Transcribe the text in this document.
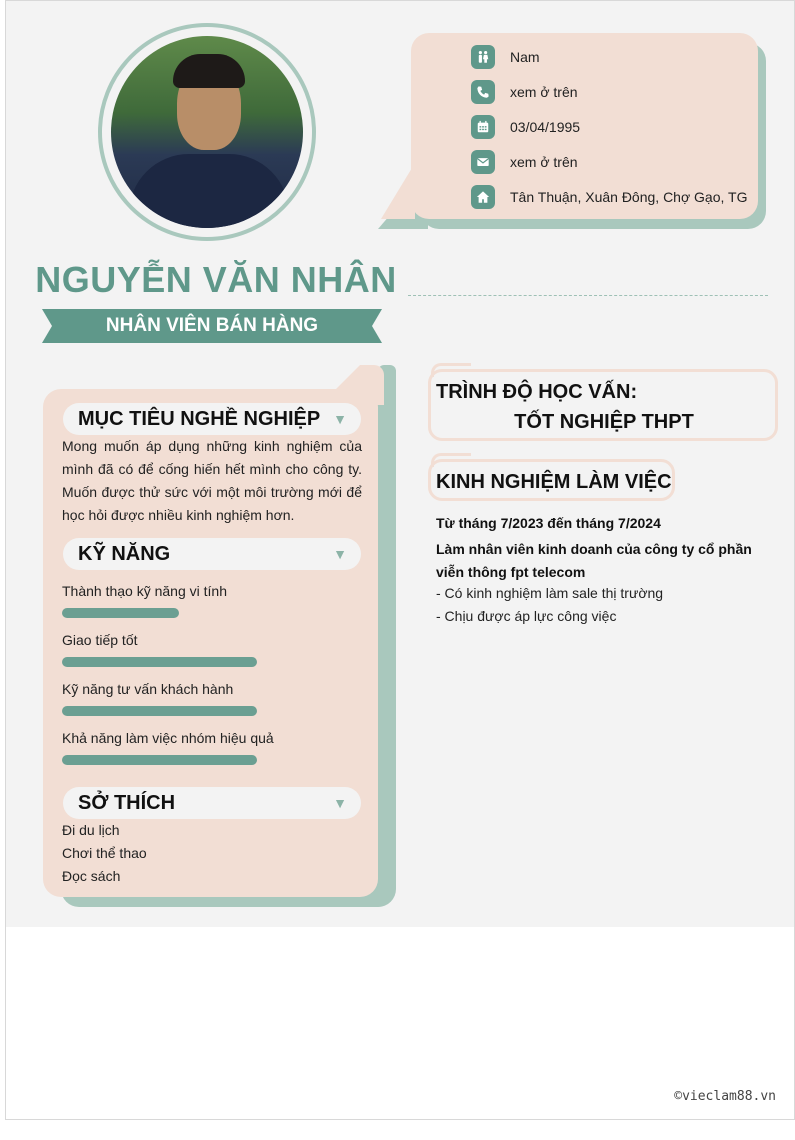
Nam
xem ở trên
03/04/1995
xem ở trên
Tân Thuận, Xuân Đông, Chợ Gạo, TG
NGUYỄN VĂN NHÂN
NHÂN VIÊN BÁN HÀNG
MỤC TIÊU NGHỀ NGHIỆP ▼
Mong muốn áp dụng những kinh nghiệm của mình đã có để cống hiến hết mình cho công ty. Muốn được thử sức với một môi trường mới để học hỏi được nhiều kinh nghiệm hơn.
KỸ NĂNG	▼
Thành thạo kỹ năng vi tính
Giao tiếp tốt
Kỹ năng tư vấn khách hành
Khả năng làm việc nhóm hiệu quả
SỞ THÍCH	▼
Đi du lịch
Chơi thể thao
Đọc sách
TRÌNH ĐỘ HỌC VẤN:
TỐT NGHIỆP THPT
KINH NGHIỆM LÀM VIỆC
Từ tháng 7/2023 đến tháng 7/2024
Làm nhân viên kinh doanh của công ty cổ phần viễn thông fpt telecom
- Có kinh nghiệm làm sale thị trường
- Chịu được áp lực công việc
©vieclam88.vn
